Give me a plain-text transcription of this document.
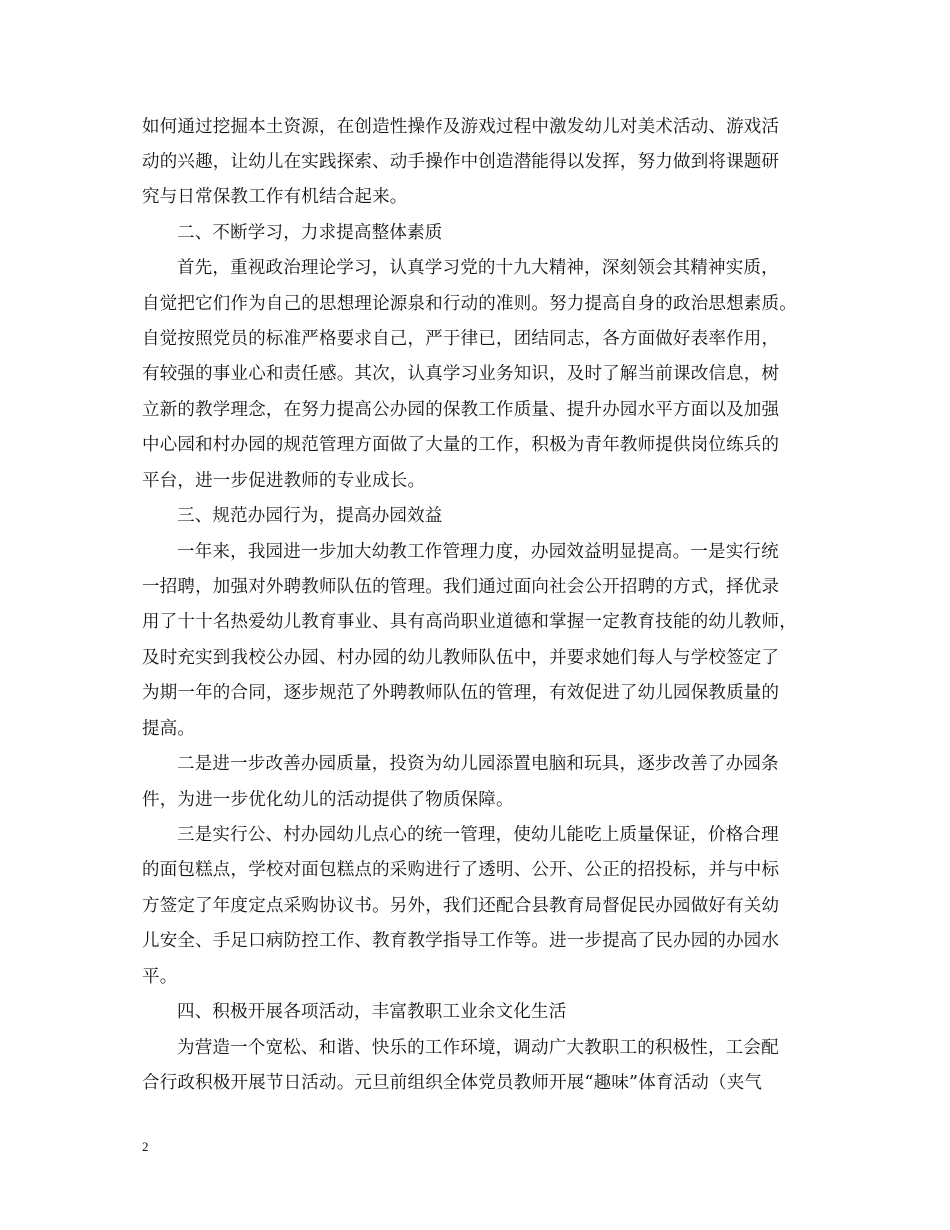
如何通过挖掘本土资源，在创造性操作及游戏过程中激发幼儿对美术活动、游戏活
动的兴趣，让幼儿在实践探索、动手操作中创造潜能得以发挥，努力做到将课题研
究与日常保教工作有机结合起来。
二、不断学习，力求提高整体素质
首先，重视政治理论学习，认真学习党的十九大精神，深刻领会其精神实质，
自觉把它们作为自己的思想理论源泉和行动的准则。努力提高自身的政治思想素质。
自觉按照党员的标准严格要求自己，严于律已，团结同志，各方面做好表率作用，
有较强的事业心和责任感。其次，认真学习业务知识，及时了解当前课改信息，树
立新的教学理念，在努力提高公办园的保教工作质量、提升办园水平方面以及加强
中心园和村办园的规范管理方面做了大量的工作，积极为青年教师提供岗位练兵的
平台，进一步促进教师的专业成长。
三、规范办园行为，提高办园效益
一年来，我园进一步加大幼教工作管理力度，办园效益明显提高。一是实行统
一招聘，加强对外聘教师队伍的管理。我们通过面向社会公开招聘的方式，择优录
用了十十名热爱幼儿教育事业、具有高尚职业道德和掌握一定教育技能的幼儿教师，
及时充实到我校公办园、村办园的幼儿教师队伍中，并要求她们每人与学校签定了
为期一年的合同，逐步规范了外聘教师队伍的管理，有效促进了幼儿园保教质量的
提高。
二是进一步改善办园质量，投资为幼儿园添置电脑和玩具，逐步改善了办园条
件，为进一步优化幼儿的活动提供了物质保障。
三是实行公、村办园幼儿点心的统一管理，使幼儿能吃上质量保证，价格合理
的面包糕点，学校对面包糕点的采购进行了透明、公开、公正的招投标，并与中标
方签定了年度定点采购协议书。另外，我们还配合县教育局督促民办园做好有关幼
儿安全、手足口病防控工作、教育教学指导工作等。进一步提高了民办园的办园水
平。
四、积极开展各项活动，丰富教职工业余文化生活
为营造一个宽松、和谐、快乐的工作环境，调动广大教职工的积极性，工会配
合行政积极开展节日活动。元旦前组织全体党员教师开展“趣味”体育活动（夹气
2
